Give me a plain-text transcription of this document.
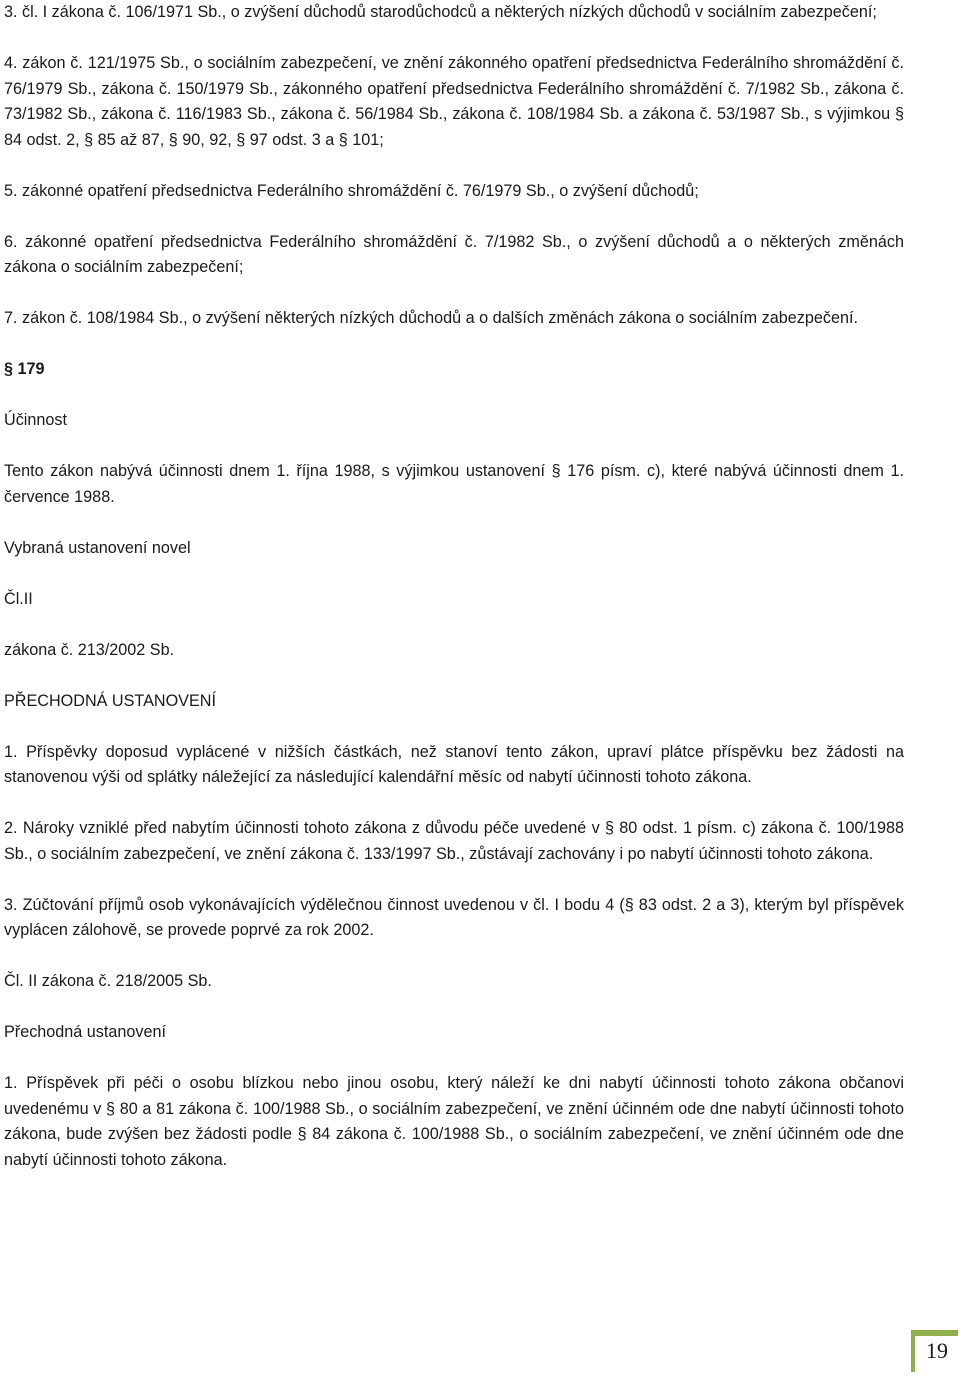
3. čl. I zákona č. 106/1971 Sb., o zvýšení důchodů starodůchodců a některých nízkých důchodů v sociálním zabezpečení;

4. zákon č. 121/1975 Sb., o sociálním zabezpečení, ve znění zákonného opatření předsednictva Federálního shromáždění č. 76/1979 Sb., zákona č. 150/1979 Sb., zákonného opatření předsednictva Federálního shromáždění č. 7/1982 Sb., zákona č. 73/1982 Sb., zákona č. 116/1983 Sb., zákona č. 56/1984 Sb., zákona č. 108/1984 Sb. a zákona č. 53/1987 Sb., s výjimkou § 84 odst. 2, § 85 až 87, § 90, 92, § 97 odst. 3 a § 101;

5. zákonné opatření předsednictva Federálního shromáždění č. 76/1979 Sb., o zvýšení důchodů;

6. zákonné opatření předsednictva Federálního shromáždění č. 7/1982 Sb., o zvýšení důchodů a o některých změnách zákona o sociálním zabezpečení;

7. zákon č. 108/1984 Sb., o zvýšení některých nízkých důchodů a o dalších změnách zákona o sociálním zabezpečení.

§ 179

Účinnost

Tento zákon nabývá účinnosti dnem 1. října 1988, s výjimkou ustanovení § 176 písm. c), které nabývá účinnosti dnem 1. července 1988.

Vybraná ustanovení novel

Čl.II

zákona č. 213/2002 Sb.

PŘECHODNÁ USTANOVENÍ

1. Příspěvky doposud vyplácené v nižších částkách, než stanoví tento zákon, upraví plátce příspěvku bez žádosti na stanovenou výši od splátky náležející za následující kalendářní měsíc od nabytí účinnosti tohoto zákona.

2. Nároky vzniklé před nabytím účinnosti tohoto zákona z důvodu péče uvedené v § 80 odst. 1 písm. c) zákona č. 100/1988 Sb., o sociálním zabezpečení, ve znění zákona č. 133/1997 Sb., zůstávají zachovány i po nabytí účinnosti tohoto zákona.

3. Zúčtování příjmů osob vykonávajících výdělečnou činnost uvedenou v čl. I bodu 4 (§ 83 odst. 2 a 3), kterým byl příspěvek vyplácen zálohově, se provede poprvé za rok 2002.

Čl. II zákona č. 218/2005 Sb.

Přechodná ustanovení

1. Příspěvek při péči o osobu blízkou nebo jinou osobu, který náleží ke dni nabytí účinnosti tohoto zákona občanovi uvedenému v § 80 a 81 zákona č. 100/1988 Sb., o sociálním zabezpečení, ve znění účinném ode dne nabytí účinnosti tohoto zákona, bude zvýšen bez žádosti podle § 84 zákona č. 100/1988 Sb., o sociálním zabezpečení, ve znění účinném ode dne nabytí účinnosti tohoto zákona.

19
